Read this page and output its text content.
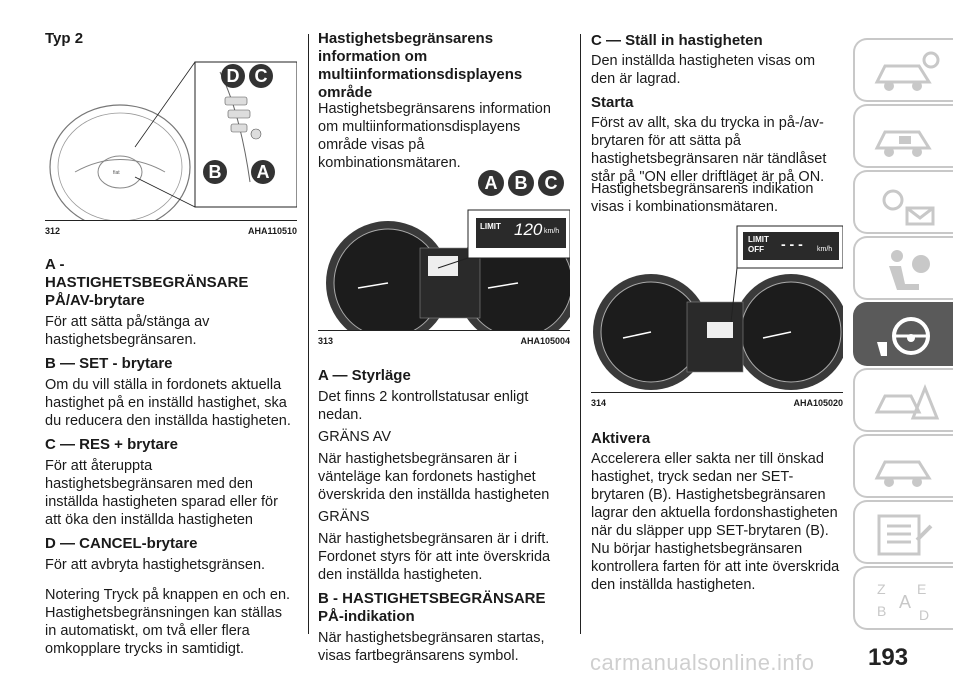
Typ 2
fiat
D C
B	A
312	AHA110510
A - HASTIGHETSBEGRÄNSARE PÅ/AV-brytare

För att sätta på/stänga av hastighetsbegränsaren.

B — SET - brytare

Om du vill ställa in fordonets aktuella hastighet på en inställd hastighet, ska du reducera den inställda hastigheten.

C — RES + brytare

För att återuppta hastighetsbegränsaren med den inställda hastigheten sparad eller för att öka den inställda hastigheten

D — CANCEL-brytare

För att avbryta hastighetsgränsen.

Notering Tryck på knappen en och en. Hastighetsbegränsningen kan ställas in automatiskt, om två eller flera omkopplare trycks in samtidigt.

Hastighetsbegränsarens information om multiinformationsdisplayens område

Hastighetsbegränsarens information om multiinformationsdisplayens område visas på kombinationsmätaren.

A B C
LIMIT 120 km/h
313	AHA105004
A — Styrläge

Det finns 2 kontrollstatusar enligt nedan.

GRÄNS AV

När hastighetsbegränsaren är i vänteläge kan fordonets hastighet överskrida den inställda hastigheten

GRÄNS

När hastighetsbegränsaren är i drift. Fordonet styrs för att inte överskrida den inställda hastigheten.

B - HASTIGHETSBEGRÄNSARE PÅ-indikation

När hastighetsbegränsaren startas, visas fartbegränsarens symbol.

C — Ställ in hastigheten

Den inställda hastigheten visas om den är lagrad.

Starta

Först av allt, ska du trycka in på-/av-brytaren för att sätta på hastighetsbegränsaren när tändlåset står på "ON eller driftläget är på ON.

Hastighetsbegränsarens indikation visas i kombinationsmätaren.

LIMIT
OFF - - - km/h
314	AHA105020
Aktivera

Accelerera eller sakta ner till önskad hastighet, tryck sedan ner SET-brytaren (B). Hastighetsbegränsaren lagrar den aktuella fordonshastigheten när du släpper upp SET-brytaren (B). Nu börjar hastighetsbegränsaren kontrollera farten för att inte överskrida den inställda hastigheten.	Z E
B A
D
carmanualsonline.info 193
